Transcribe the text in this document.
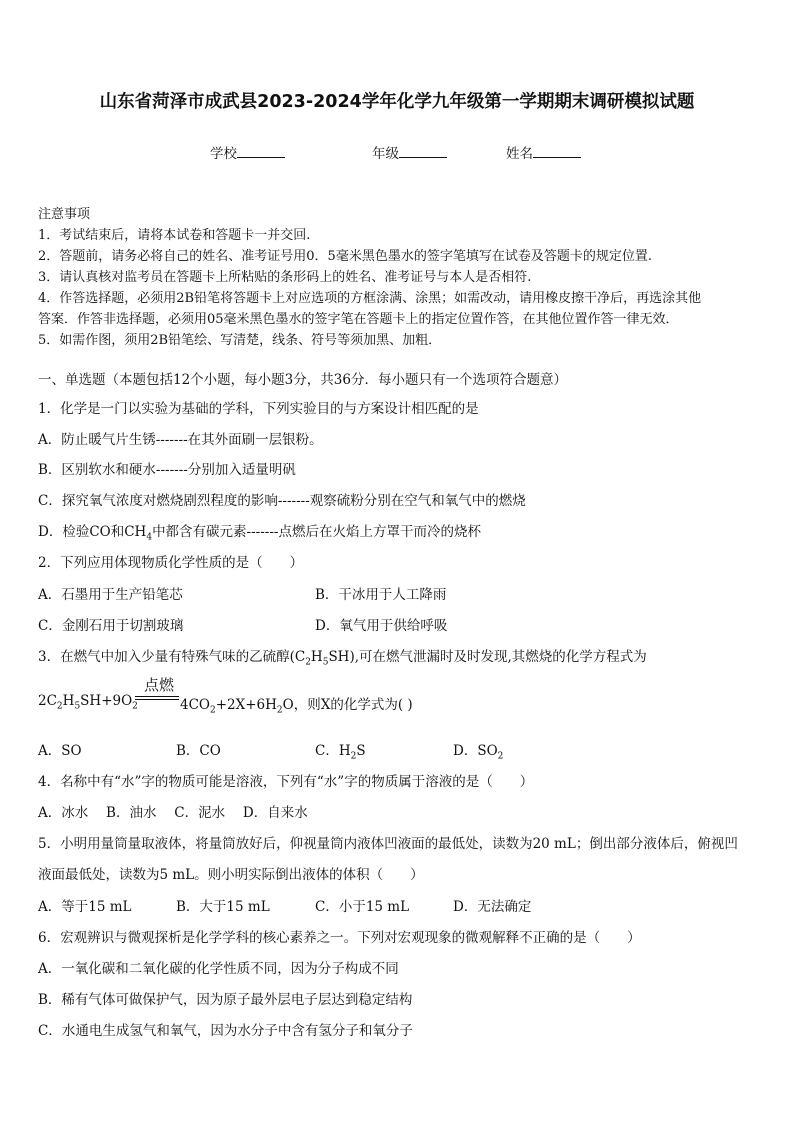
山东省菏泽市成武县2023-2024学年化学九年级第一学期期末调研模拟试题
学校	年级	姓名
注意事项
1．考试结束后，请将本试卷和答题卡一并交回.
2．答题前，请务必将自己的姓名、准考证号用0．5毫米黑色墨水的签字笔填写在试卷及答题卡的规定位置.
3．请认真核对监考员在答题卡上所粘贴的条形码上的姓名、准考证号与本人是否相符.
4．作答选择题，必须用2B铅笔将答题卡上对应选项的方框涂满、涂黑；如需改动，请用橡皮擦干净后，再选涂其他
答案．作答非选择题，必须用05毫米黑色墨水的签字笔在答题卡上的指定位置作答，在其他位置作答一律无效．
5．如需作图，须用2B铅笔绘、写清楚，线条、符号等须加黑、加粗．
一、单选题（本题包括12个小题，每小题3分，共36分．每小题只有一个选项符合题意）
1．化学是一门以实验为基础的学科，下列实验目的与方案设计相匹配的是
A．防止暖气片生锈-------在其外面刷一层银粉。
B．区别软水和硬水-------分别加入适量明矾
C．探究氧气浓度对燃烧剧烈程度的影响-------观察硫粉分别在空气和氧气中的燃烧
D．检验CO和$CH_4$中都含有碳元素-------点燃后在火焰上方罩干而冷的烧杯
2．下列应用体现物质化学性质的是（　　）
A．石墨用于生产铅笔芯	B．干冰用于人工降雨
C．金刚石用于切割玻璃	D．氧气用于供给呼吸
3．在燃气中加入少量有特殊气味的乙硫醇$(C_2H_5SH)$,可在燃气泄漏时及时发现,其燃烧的化学方程式为
$2C_2H_5SH+9O_2$
点燃
$4CO_2+2X+6H_2O$，则X的化学式为( )
A．SO	B．CO	C．$H_2S$	D．$SO_2$
4．名称中有“水”字的物质可能是溶液，下列有“水”字的物质属于溶液的是（　　）
A．冰水　 B．油水　 C．泥水　 D．自来水
5．小明用量筒量取液体，将量筒放好后，仰视量筒内液体凹液面的最低处，读数为20 mL；倒出部分液体后，俯视凹
液面最低处，读数为5 mL。则小明实际倒出液体的体积（　　）
A．等于15 mL	B．大于15 mL	C．小于15 mL	D．无法确定
6．宏观辨识与微观探析是化学学科的核心素养之一。下列对宏观现象的微观解释不正确的是（　　）
A．一氧化碳和二氧化碳的化学性质不同，因为分子构成不同
B．稀有气体可做保护气，因为原子最外层电子层达到稳定结构
C．水通电生成氢气和氧气，因为水分子中含有氢分子和氧分子
